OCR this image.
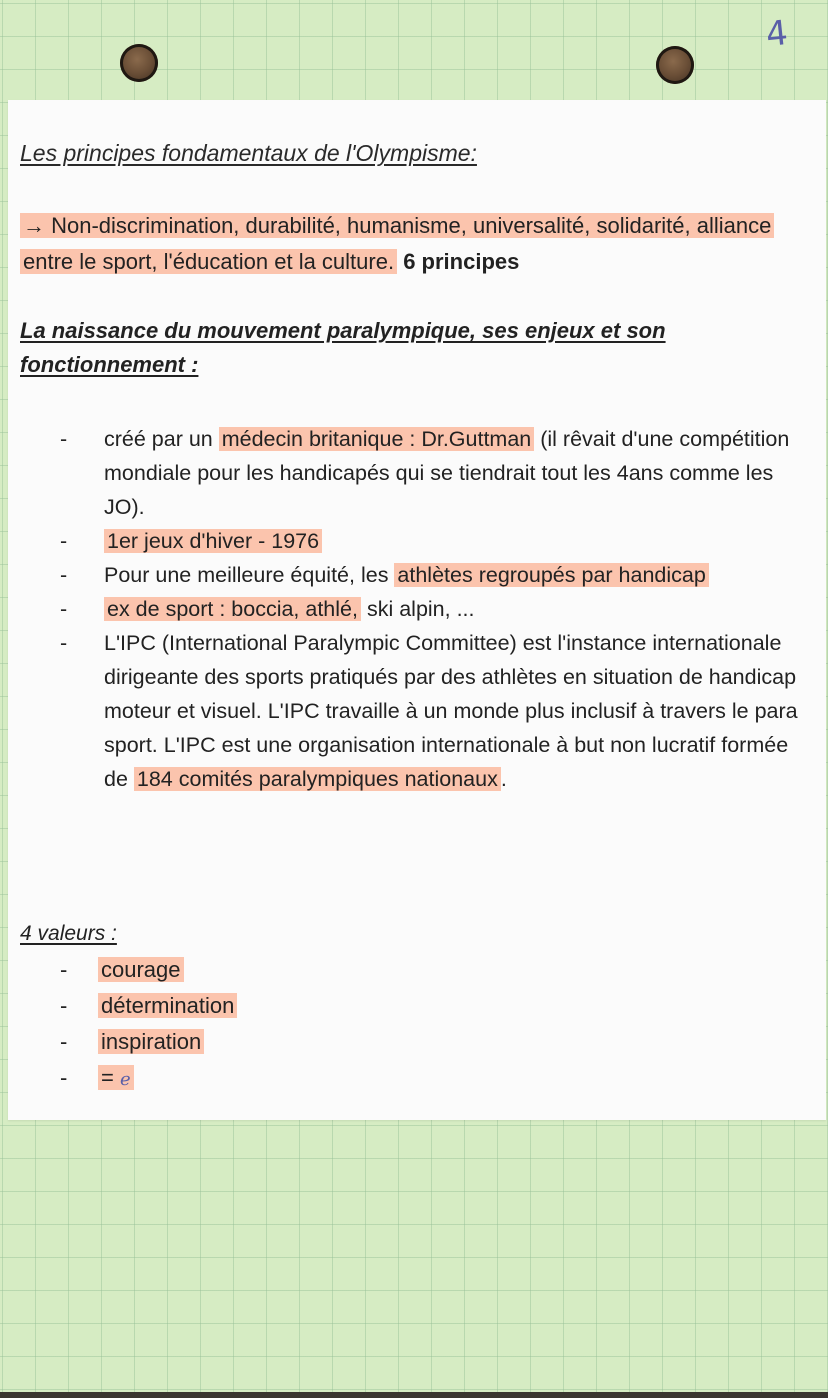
4
Les principes fondamentaux de l'Olympisme:
→ Non-discrimination, durabilité, humanisme, universalité, solidarité, alliance entre le sport, l'éducation et la culture. 6 principes
La naissance du mouvement paralympique, ses enjeux et son fonctionnement :
- créé par un médecin britanique : Dr.Guttman (il rêvait d'une compétition mondiale pour les handicapés qui se tiendrait tout les 4ans comme les JO).
- 1er jeux d'hiver - 1976
- Pour une meilleure équité, les athlètes regroupés par handicap
- ex de sport : boccia, athlé, ski alpin, ...
- L'IPC (International Paralympic Committee) est l'instance internationale dirigeante des sports pratiqués par des athlètes en situation de handicap moteur et visuel. L'IPC travaille à un monde plus inclusif à travers le para sport. L'IPC est une organisation internationale à but non lucratif formée de 184 comités paralympiques nationaux .
4 valeurs :
- courage
- détermination
- inspiration
- = e
